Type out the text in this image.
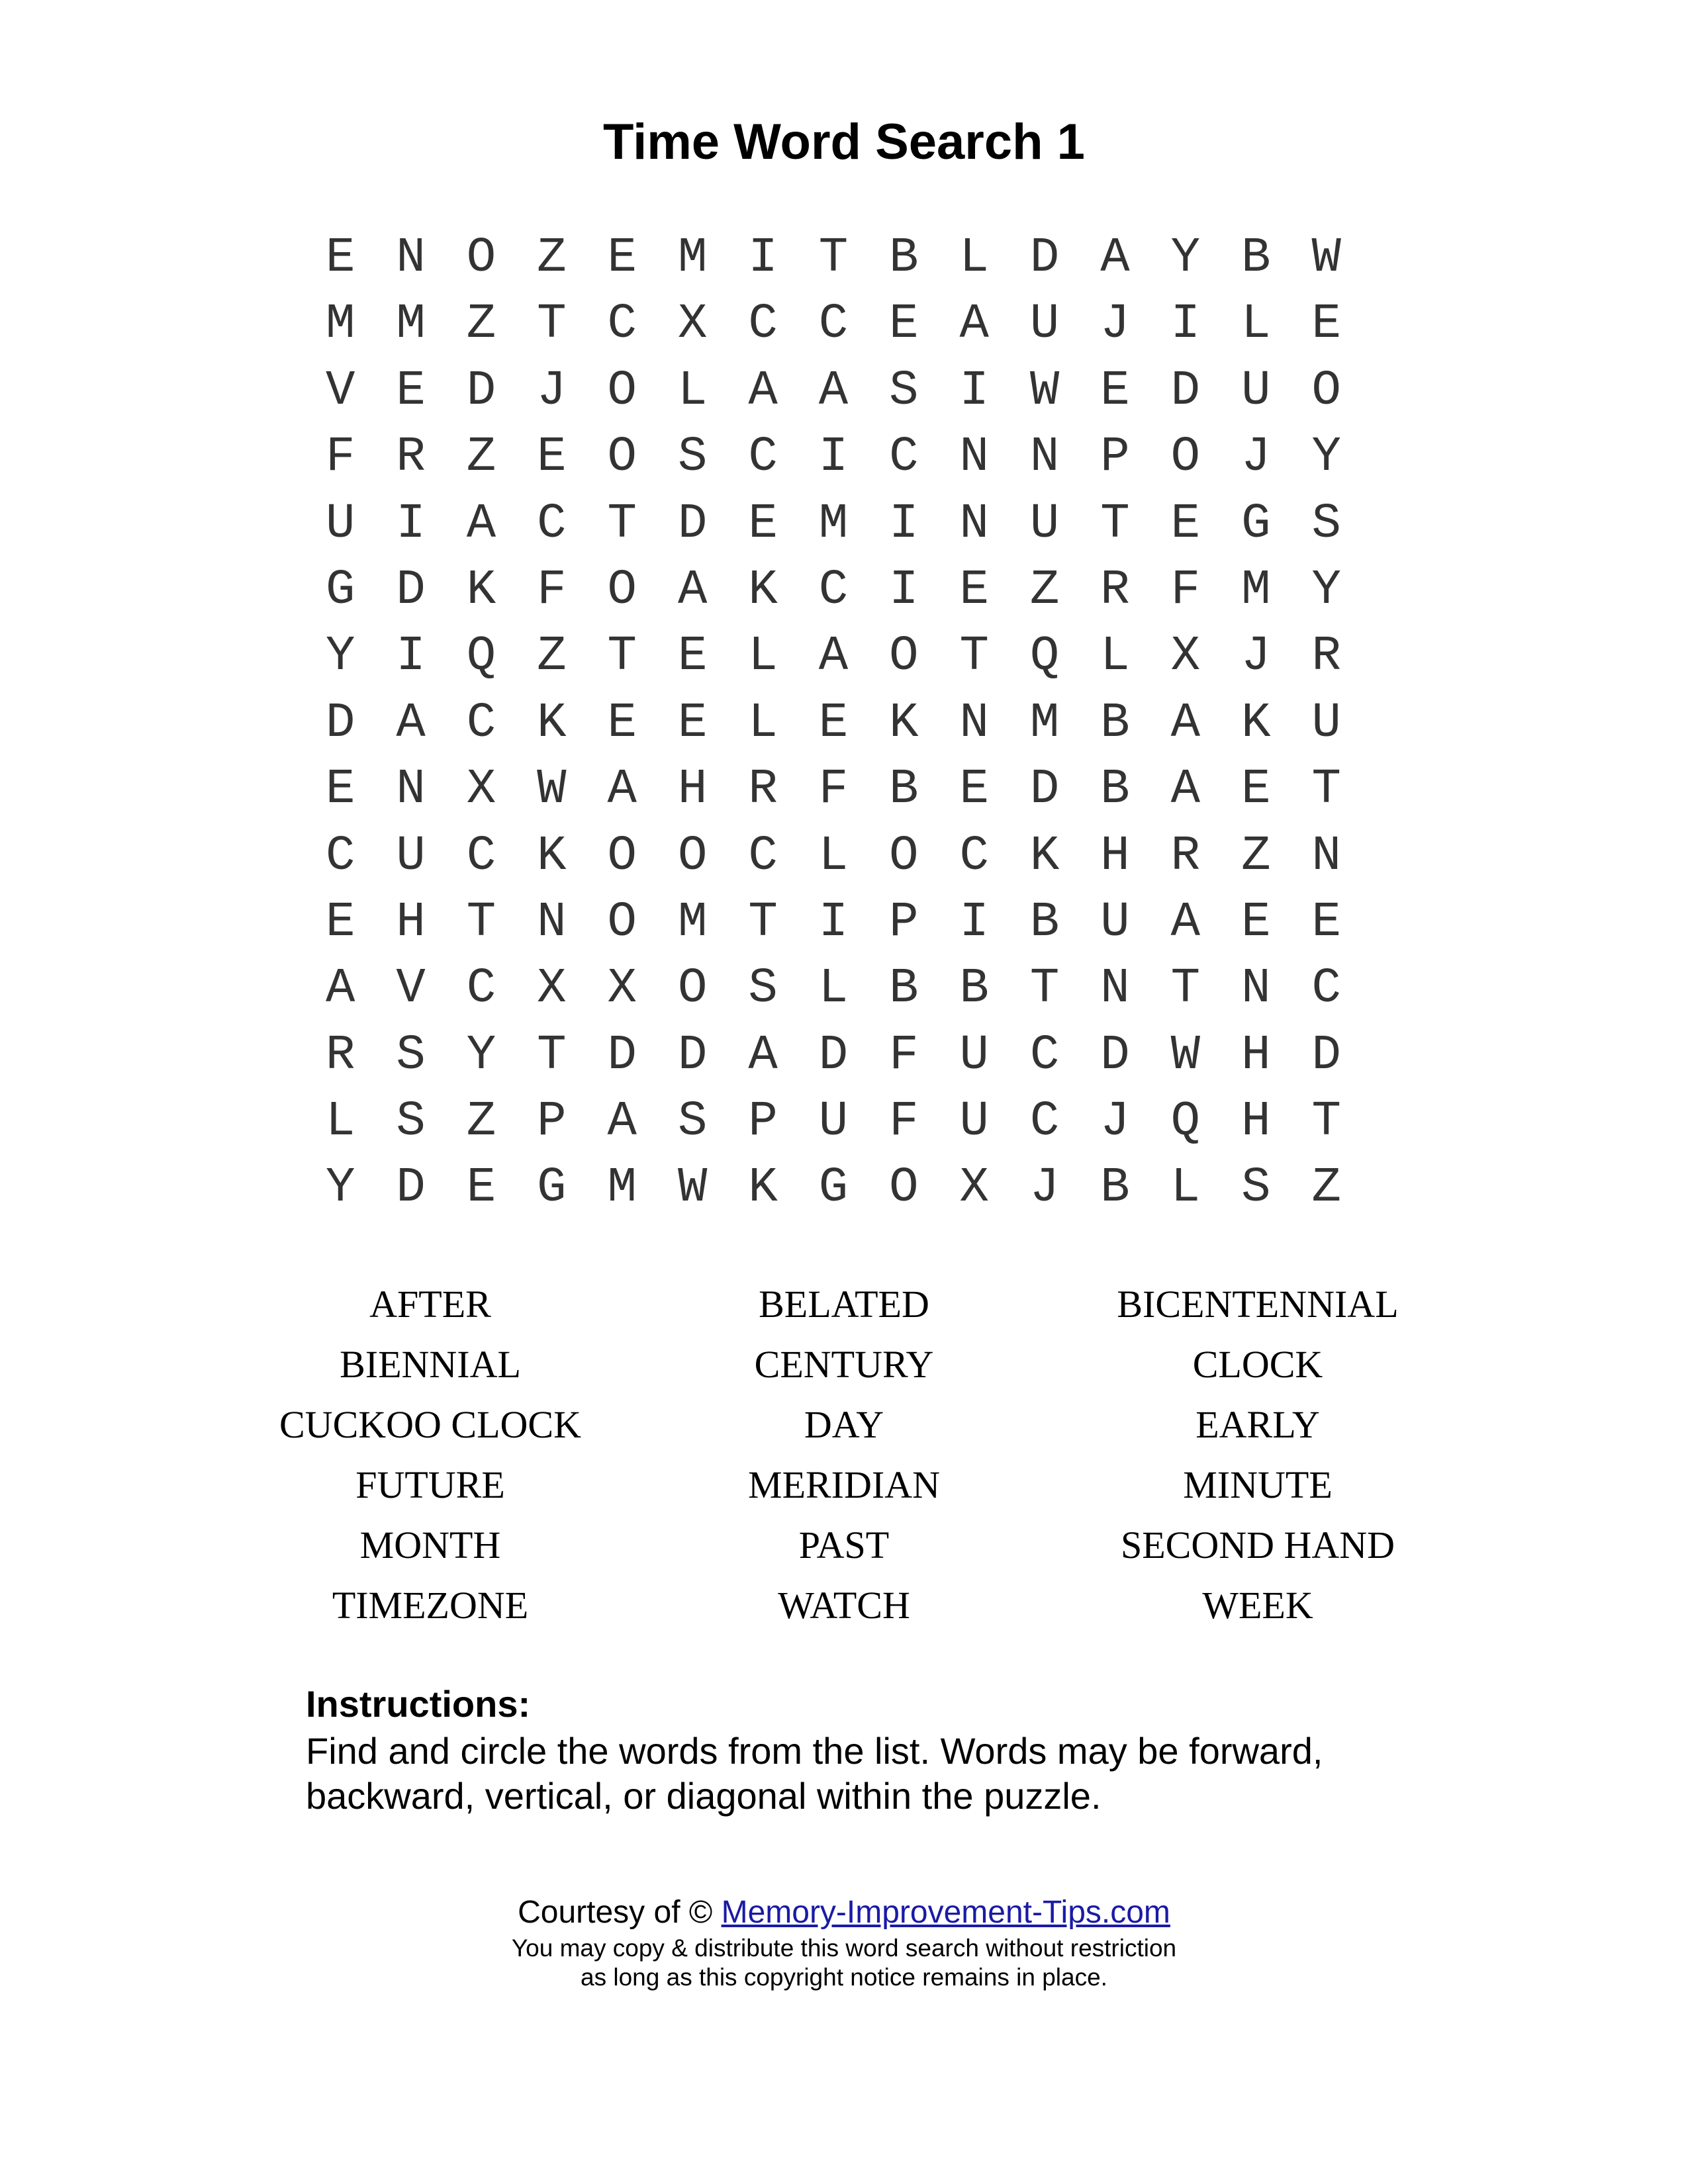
Time Word Search 1
E N O Z E M I T B L D A Y B W
M M Z T C X C C E A U J I L E
V E D J O L A A S I W E D U O
F R Z E O S C I C N N P O J Y
U I A C T D E M I N U T E G S
G D K F O A K C I E Z R F M Y
Y I Q Z T E L A O T Q L X J R
D A C K E E L E K N M B A K U
E N X W A H R F B E D B A E T
C U C K O O C L O C K H R Z N
E H T N O M T I P I B U A E E
A V C X X O S L B B T N T N C
R S Y T D D A D F U C D W H D
L S Z P A S P U F U C J Q H T
Y D E G M W K G O X J B L S Z
AFTER	BELATED	BICENTENNIAL
BIENNIAL	CENTURY	CLOCK
CUCKOO CLOCK	DAY	EARLY
FUTURE	MERIDIAN	MINUTE
MONTH	PAST	SECOND HAND
TIMEZONE	WATCH	WEEK
Instructions:
Find and circle the words from the list. Words may be forward, backward, vertical, or diagonal within the puzzle.
Courtesy of © Memory-Improvement-Tips.com
You may copy & distribute this word search without restriction
as long as this copyright notice remains in place.
